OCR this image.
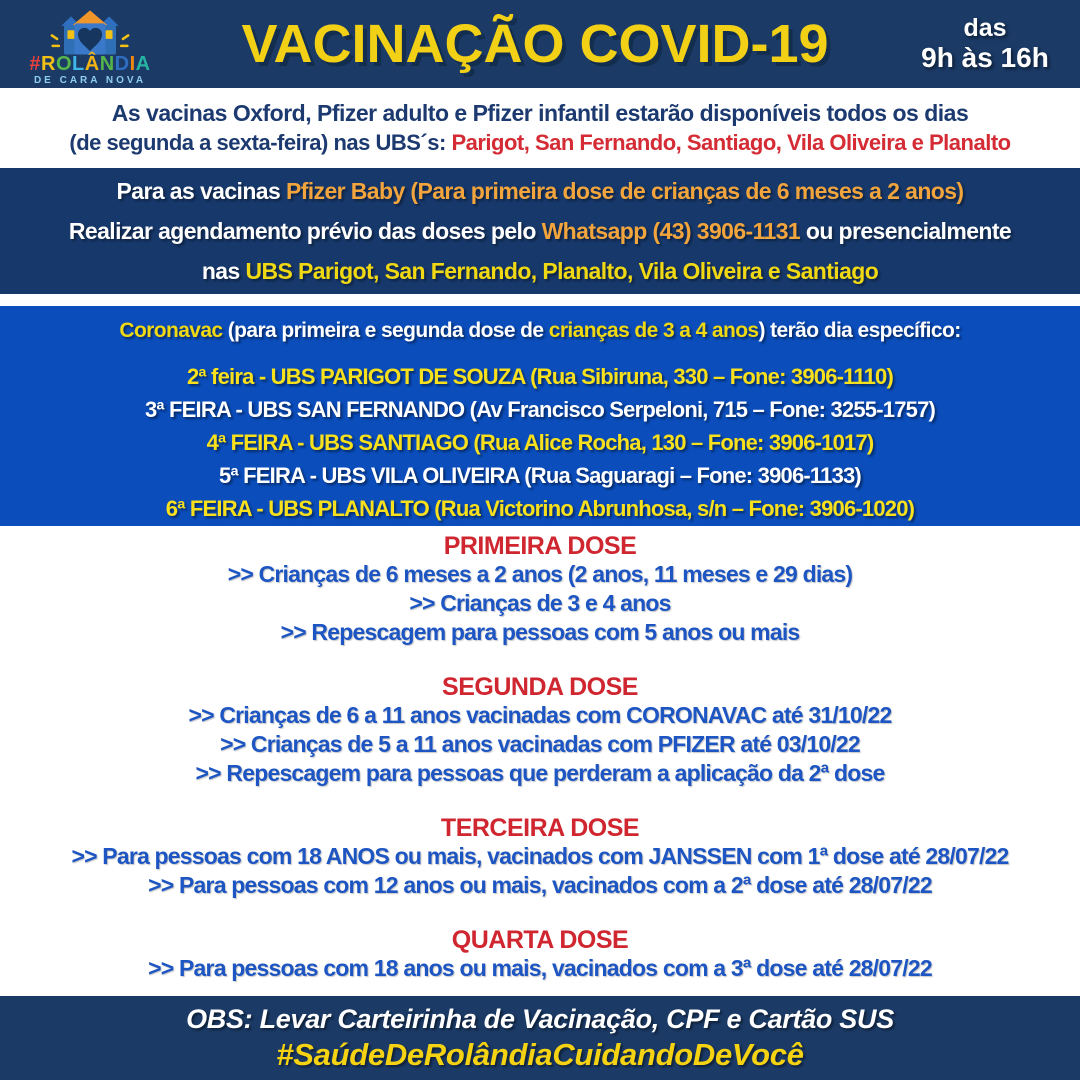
#ROLÂNDIA
DE CARA NOVA
VACINAÇÃO COVID-19	das
9h às 16h

As vacinas Oxford, Pfizer adulto e Pfizer infantil estarão disponíveis todos os dias

(de segunda a sexta-feira) nas UBS´s: Parigot, San Fernando, Santiago, Vila Oliveira e Planalto

Para as vacinas Pfizer Baby (Para primeira dose de crianças de 6 meses a 2 anos)

Realizar agendamento prévio das doses pelo Whatsapp (43) 3906-1131 ou presencialmente

nas UBS Parigot, San Fernando, Planalto, Vila Oliveira e Santiago

Coronavac (para primeira e segunda dose de crianças de 3 a 4 anos) terão dia específico:

2ª feira - UBS PARIGOT DE SOUZA (Rua Sibiruna, 330 – Fone: 3906-1110)
3ª FEIRA - UBS SAN FERNANDO (Av Francisco Serpeloni, 715 – Fone: 3255-1757)
4ª FEIRA - UBS SANTIAGO (Rua Alice Rocha, 130 – Fone: 3906-1017)
5ª FEIRA - UBS VILA OLIVEIRA (Rua Saguaragi – Fone: 3906-1133)
6ª FEIRA - UBS PLANALTO (Rua Victorino Abrunhosa, s/n – Fone: 3906-1020)

PRIMEIRA DOSE

>> Crianças de 6 meses a 2 anos (2 anos, 11 meses e 29 dias)

>> Crianças de 3 e 4 anos

>> Repescagem para pessoas com 5 anos ou mais

SEGUNDA DOSE

>> Crianças de 6 a 11 anos vacinadas com CORONAVAC até 31/10/22

>> Crianças de 5 a 11 anos vacinadas com PFIZER até 03/10/22

>> Repescagem para pessoas que perderam a aplicação da 2ª dose

TERCEIRA DOSE

>> Para pessoas com 18 ANOS ou mais, vacinados com JANSSEN com 1ª dose até 28/07/22

>> Para pessoas com 12 anos ou mais, vacinados com a 2ª dose até 28/07/22

QUARTA DOSE

>> Para pessoas com 18 anos ou mais, vacinados com a 3ª dose até 28/07/22

OBS: Levar Carteirinha de Vacinação, CPF e Cartão SUS

#SaúdeDeRolândiaCuidandoDeVocê
